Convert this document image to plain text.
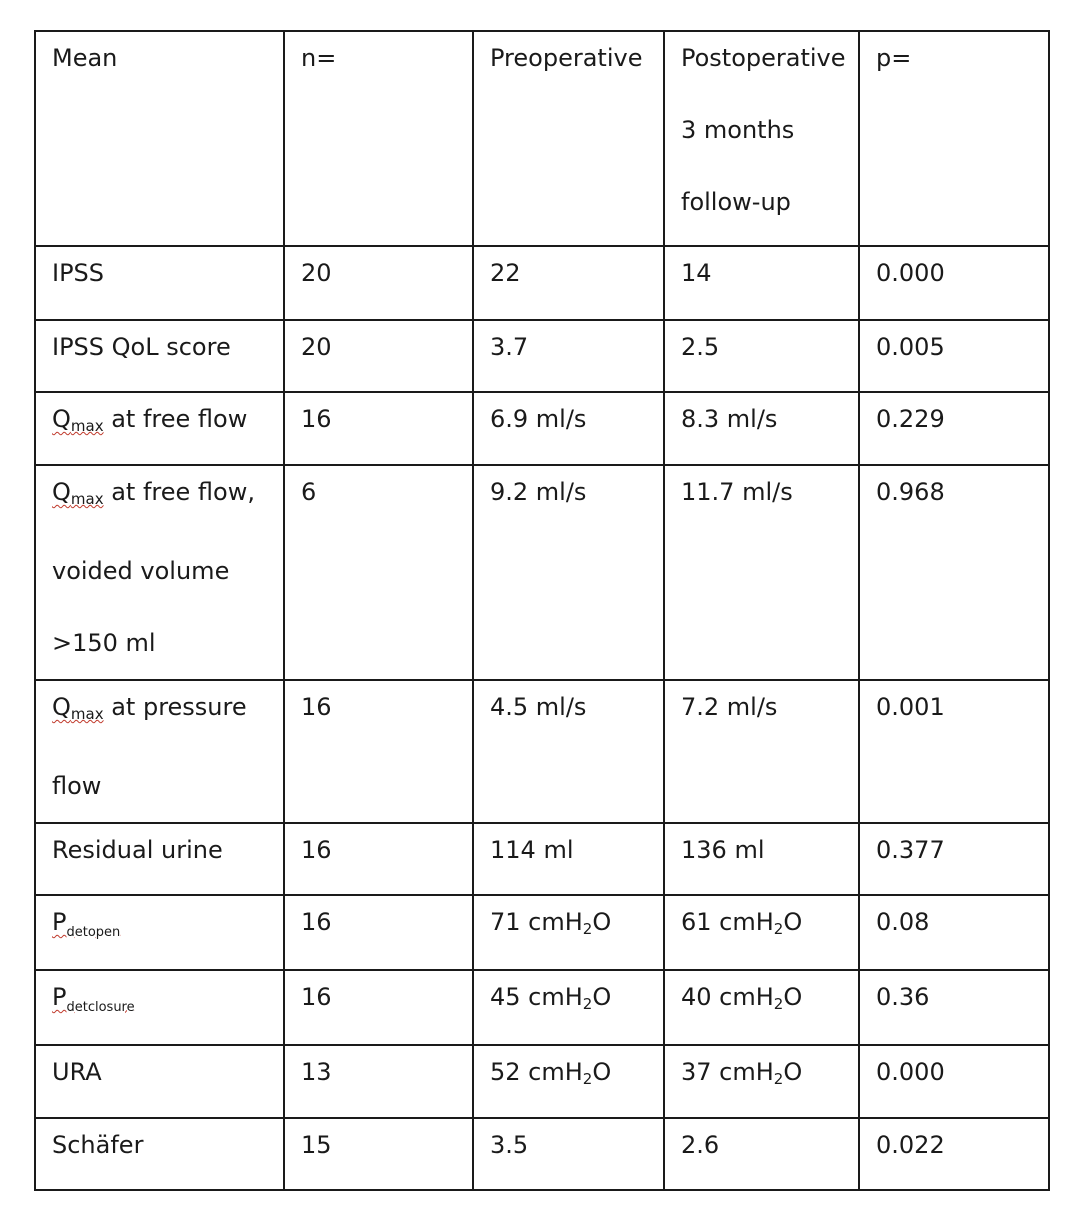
Mean	n=	Preoperative	Postoperative
3 months
follow-up	p=

IPSS	20	22	14	0.000

IPSS QoL score	20	3.7	2.5	0.005

$Q_{max}$ at free flow	16	6.9 ml/s	8.3 ml/s	0.229

$Q_{max}$ at free flow,
voided volume
>150 ml	6	9.2 ml/s	11.7 ml/s	0.968

$Q_{max}$ at pressure
flow	16	4.5 ml/s	7.2 ml/s	0.001

Residual urine	16	114 ml	136 ml	0.377

$P_{detopen}$	16	71 cmH$_2$O	61 cmH$_2$O	0.08

$P_{detclosure}$	16	45 cmH$_2$O	40 cmH$_2$O	0.36

URA	13	52 cmH$_2$O	37 cmH$_2$O	0.000

Schäfer	15	3.5	2.6	0.022
